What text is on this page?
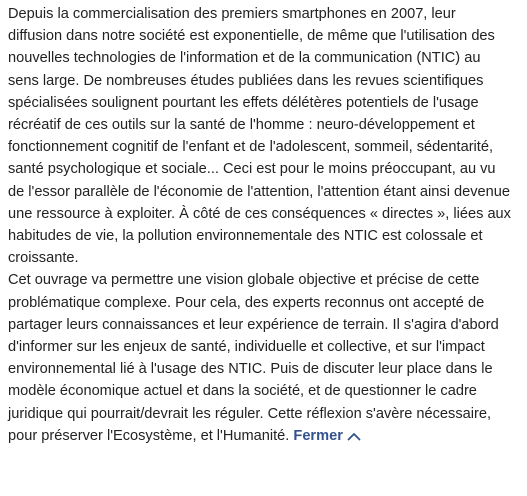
Depuis la commercialisation des premiers smartphones en 2007, leur
diffusion dans notre société est exponentielle, de même que l'utilisation des
nouvelles technologies de l'information et de la communication (NTIC) au
sens large. De nombreuses études publiées dans les revues scientifiques
spécialisées soulignent pourtant les effets délétères potentiels de l'usage
récréatif de ces outils sur la santé de l'homme : neuro-développement et
fonctionnement cognitif de l'enfant et de l'adolescent, sommeil, sédentarité,
santé psychologique et sociale... Ceci est pour le moins préoccupant, au vu
de l'essor parallèle de l'économie de l'attention, l'attention étant ainsi devenue
une ressource à exploiter. À côté de ces conséquences « directes », liées aux
habitudes de vie, la pollution environnementale des NTIC est colossale et
croissante.
Cet ouvrage va permettre une vision globale objective et précise de cette
problématique complexe. Pour cela, des experts reconnus ont accepté de
partager leurs connaissances et leur expérience de terrain. Il s'agira d'abord
d'informer sur les enjeux de santé, individuelle et collective, et sur l'impact
environnemental lié à l'usage des NTIC. Puis de discuter leur place dans le
modèle économique actuel et dans la société, et de questionner le cadre
juridique qui pourrait/devrait les réguler. Cette réflexion s'avère nécessaire,
pour préserver l'Ecosystème, et l'Humanité. Fermer
